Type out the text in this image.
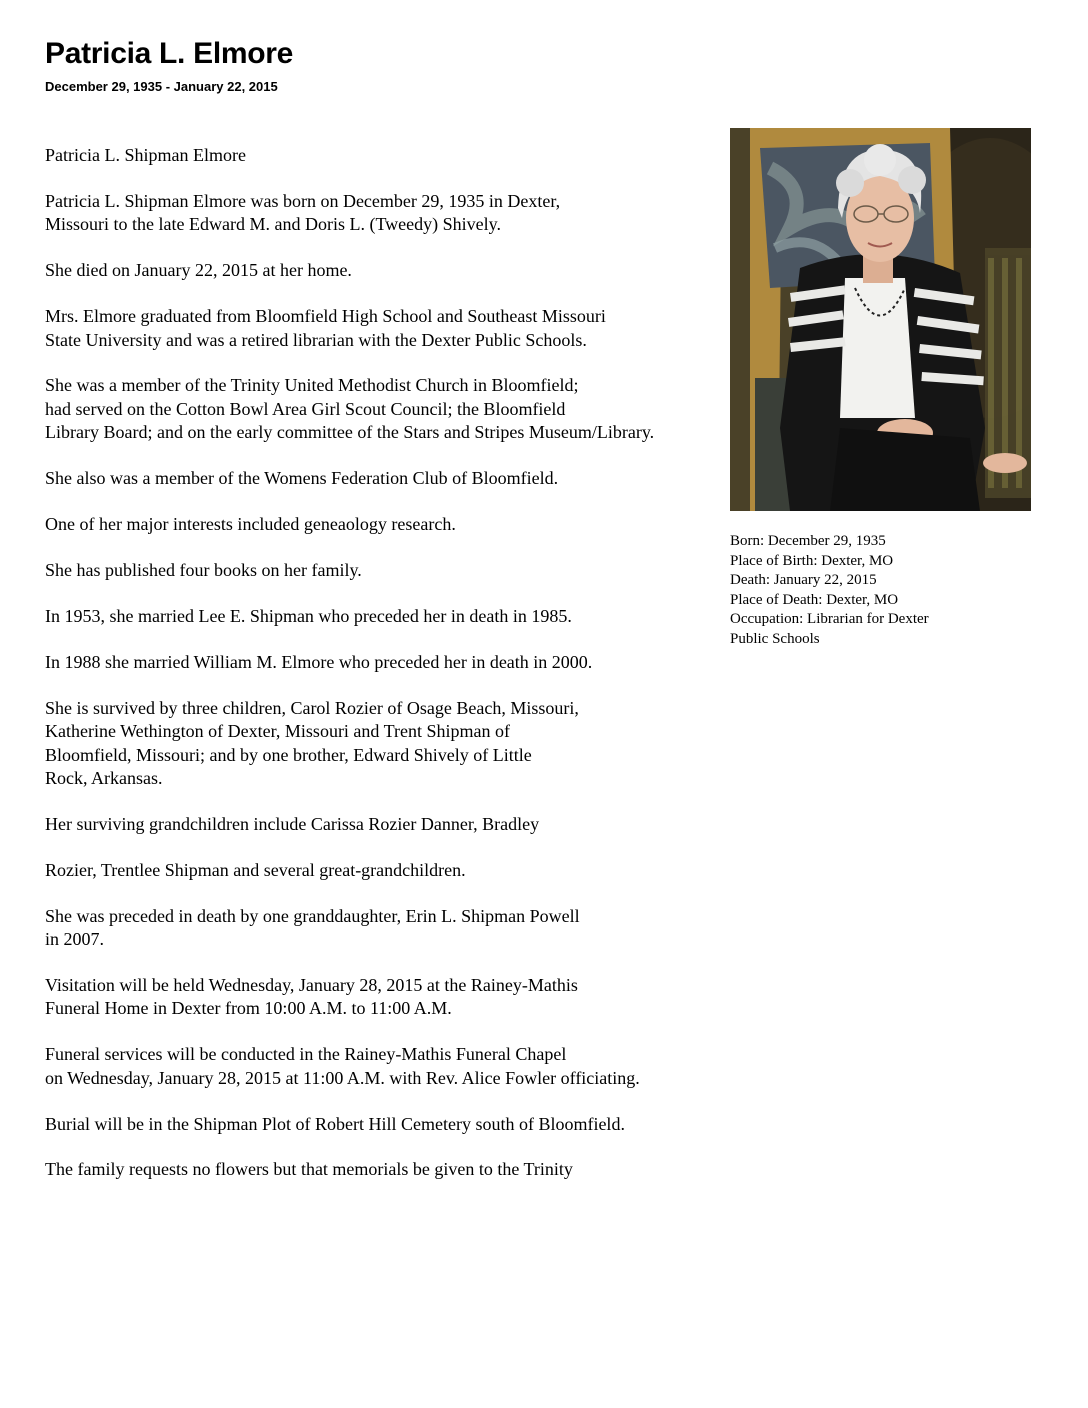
Patricia L. Elmore
December 29, 1935 - January 22, 2015

Patricia L. Shipman Elmore

Patricia L. Shipman Elmore was born on December 29, 1935 in Dexter,
Missouri to the late Edward M. and Doris L. (Tweedy) Shively.

She died on January 22, 2015 at her home.

Mrs. Elmore graduated from Bloomfield High School and Southeast Missouri
State University and was a retired librarian with the Dexter Public Schools.

She was a member of the Trinity United Methodist Church in Bloomfield;
had served on the Cotton Bowl Area Girl Scout Council; the Bloomfield
Library Board; and on the early committee of the Stars and Stripes Museum/Library.

She also was a member of the Womens Federation Club of Bloomfield.

One of her major interests included geneaology research.

She has published four books on her family.

In 1953, she married Lee E. Shipman who preceded her in death in 1985.

In 1988 she married William M. Elmore who preceded her in death in 2000.

She is survived by three children, Carol Rozier of Osage Beach, Missouri,
Katherine Wethington of Dexter, Missouri and Trent Shipman of
Bloomfield, Missouri; and by one brother, Edward Shively of Little
Rock, Arkansas.

Her surviving grandchildren include Carissa Rozier Danner, Bradley

Rozier, Trentlee Shipman and several great-grandchildren.

She was preceded in death by one granddaughter, Erin L. Shipman Powell
in 2007.

Visitation will be held Wednesday, January 28, 2015 at the Rainey-Mathis
Funeral Home in Dexter from 10:00 A.M. to 11:00 A.M.

Funeral services will be conducted in the Rainey-Mathis Funeral Chapel
on Wednesday, January 28, 2015 at 11:00 A.M. with Rev. Alice Fowler officiating.

Burial will be in the Shipman Plot of Robert Hill Cemetery south of Bloomfield.

The family requests no flowers but that memorials be given to the Trinity

Born: December 29, 1935
Place of Birth: Dexter, MO
Death: January 22, 2015
Place of Death: Dexter, MO
Occupation: Librarian for Dexter
Public Schools
